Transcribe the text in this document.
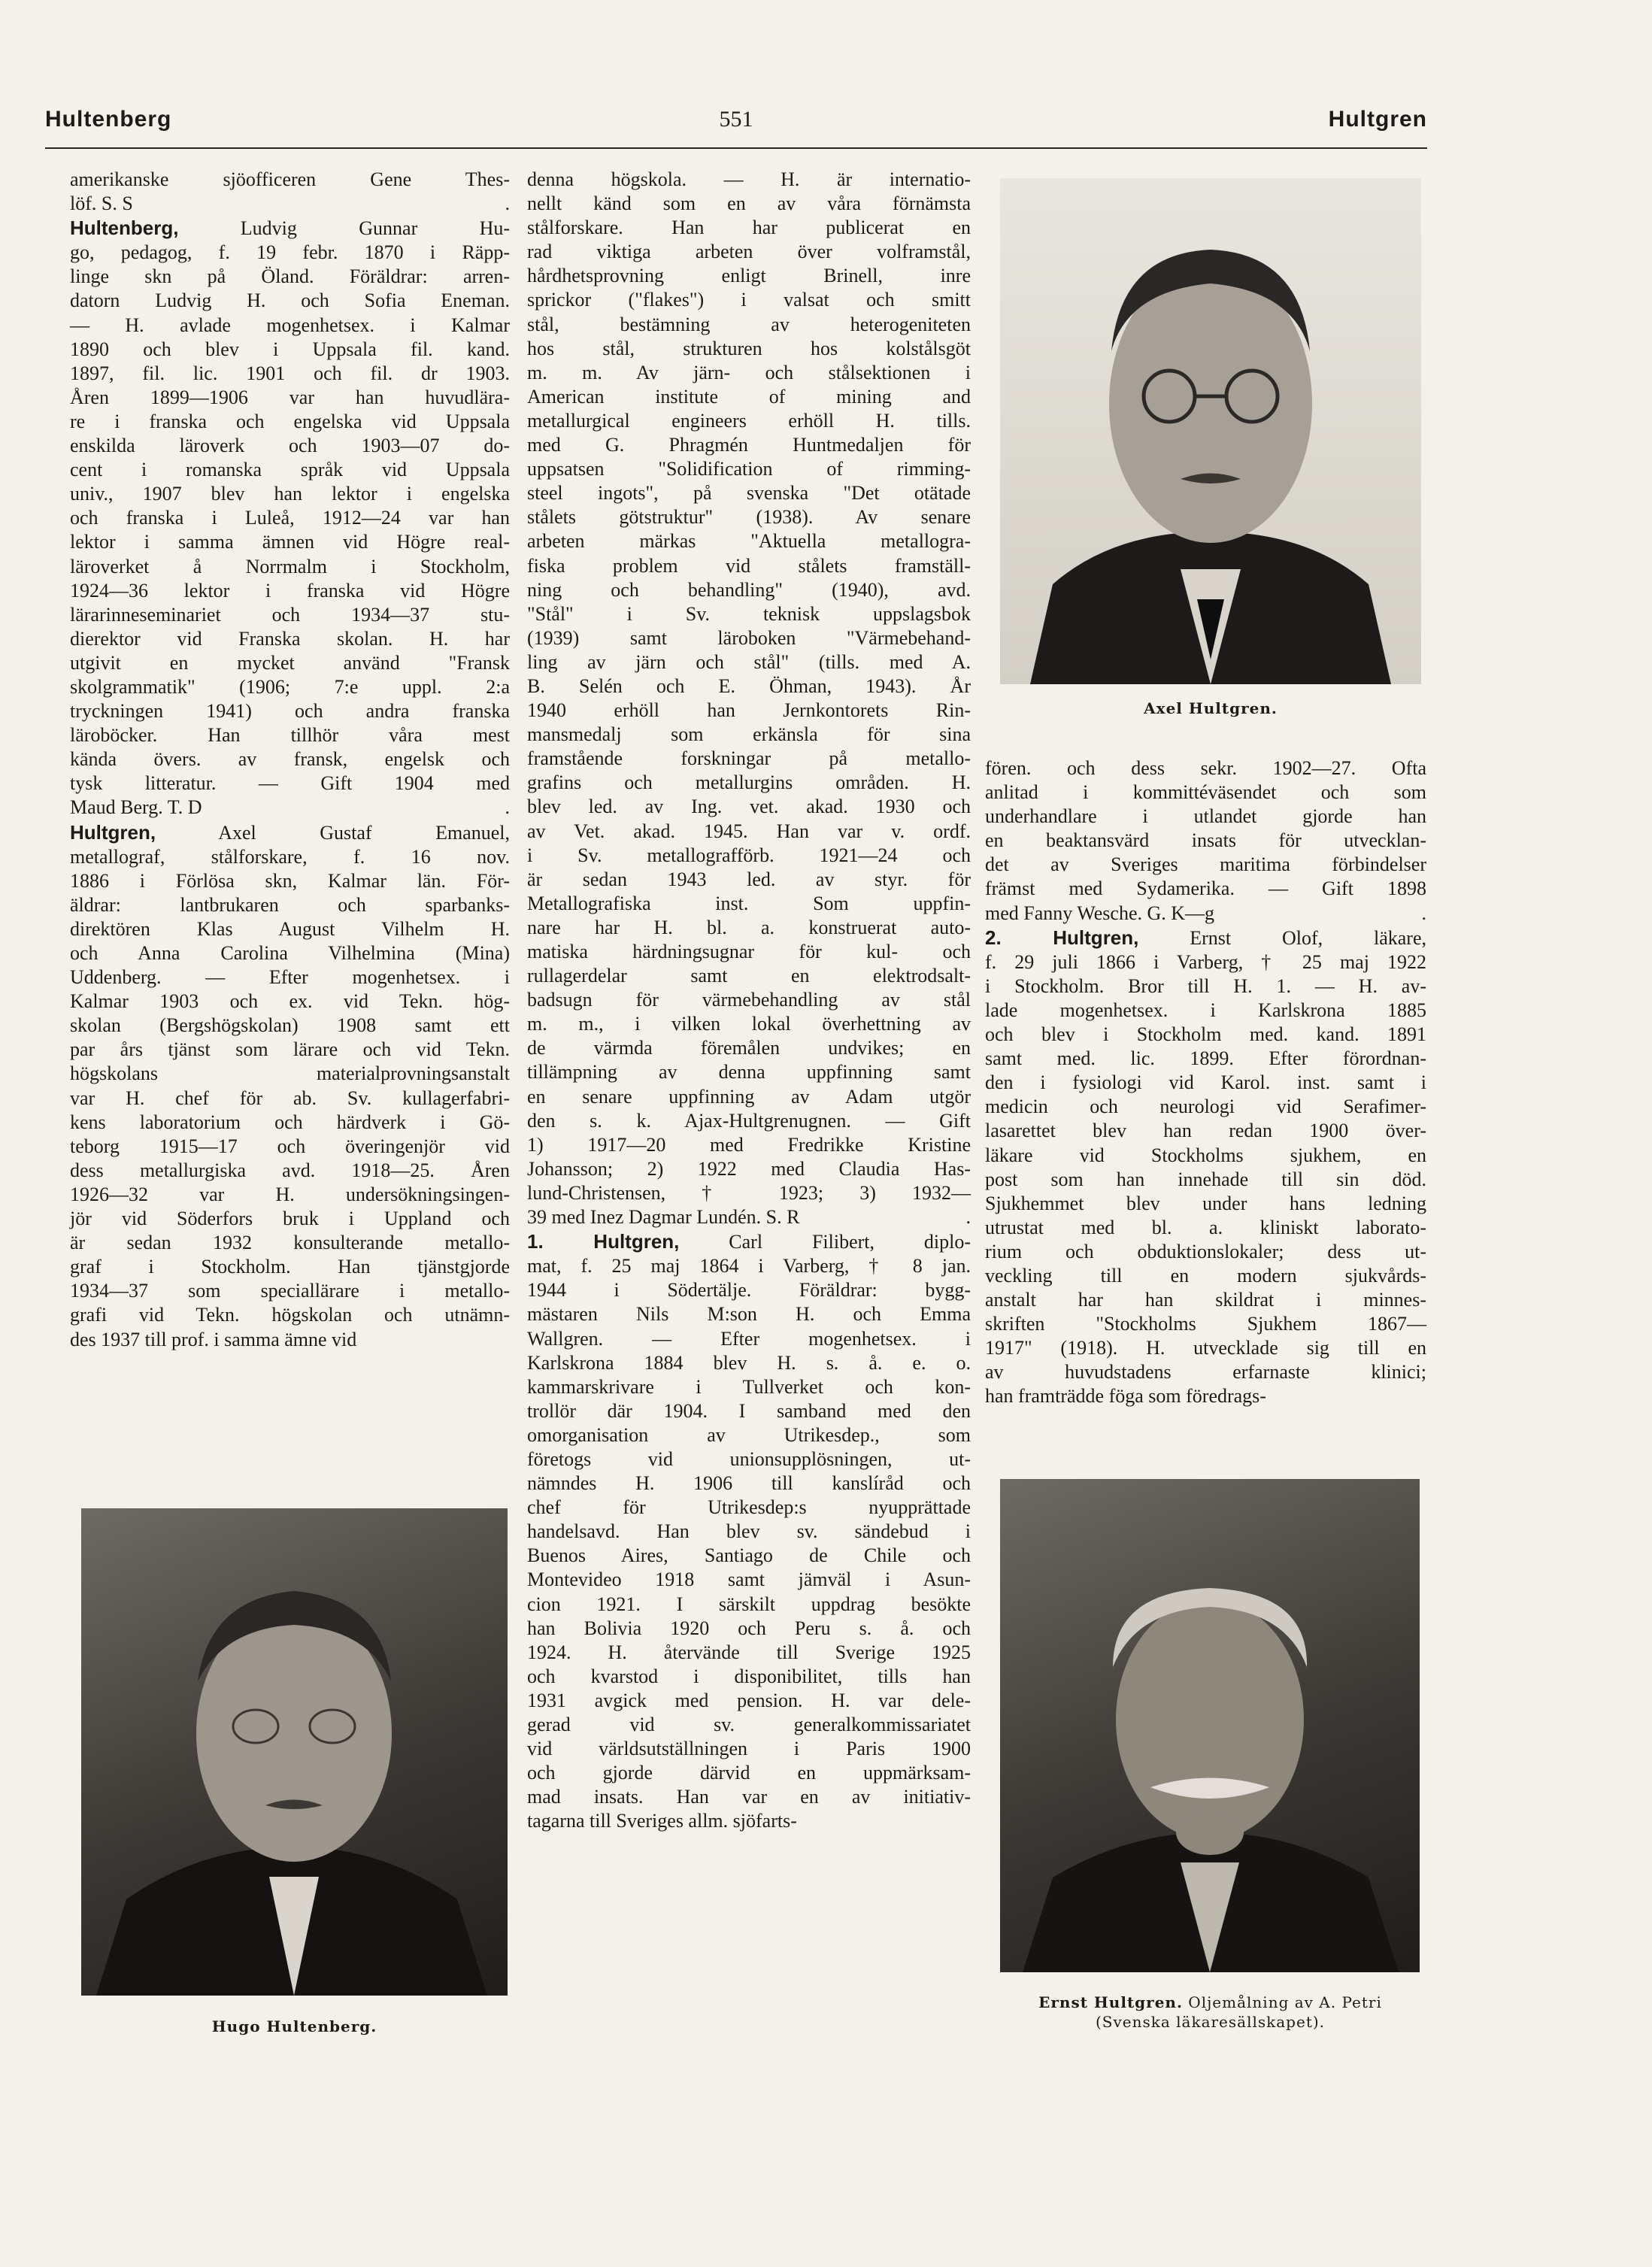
Hultenberg	551	Hultgren

amerikanske sjöofficeren Gene Thes-

löf. S. S	.

Hultenberg, Ludvig Gunnar Hu-

go, pedagog, f. 19 febr. 1870 i Räpp-

linge skn på Öland. Föräldrar: arren-

datorn Ludvig H. och Sofia Eneman.

— H. avlade mogenhetsex. i Kalmar

1890 och blev i Uppsala fil. kand.

1897, fil. lic. 1901 och fil. dr 1903.

Åren 1899—1906 var han huvudlära-

re i franska och engelska vid Uppsala

enskilda läroverk och 1903—07 do-

cent i romanska språk vid Uppsala

univ., 1907 blev han lektor i engelska

och franska i Luleå, 1912—24 var han

lektor i samma ämnen vid Högre real-

läroverket å Norrmalm i Stockholm,

1924—36 lektor i franska vid Högre

lärarinneseminariet och 1934—37 stu-

dierektor vid Franska skolan. H. har

utgivit en mycket använd "Fransk

skolgrammatik" (1906; 7:e uppl. 2:a

tryckningen 1941) och andra franska

läroböcker. Han tillhör våra mest

kända övers. av fransk, engelsk och

tysk litteratur. — Gift 1904 med

Maud Berg. T. D	.

Hultgren, Axel Gustaf Emanuel,

metallograf, stålforskare, f. 16 nov.

1886 i Förlösa skn, Kalmar län. För-

äldrar: lantbrukaren och sparbanks-

direktören Klas August Vilhelm H.

och Anna Carolina Vilhelmina (Mina)

Uddenberg. — Efter mogenhetsex. i

Kalmar 1903 och ex. vid Tekn. hög-

skolan (Bergshögskolan) 1908 samt ett

par års tjänst som lärare och vid Tekn.

högskolans materialprovningsanstalt

var H. chef för ab. Sv. kullagerfabri-

kens laboratorium och härdverk i Gö-

teborg 1915—17 och överingenjör vid

dess metallurgiska avd. 1918—25. Åren

1926—32 var H. undersökningsingen-

jör vid Söderfors bruk i Uppland och

är sedan 1932 konsulterande metallo-

graf i Stockholm. Han tjänstgjorde

1934—37 som speciallärare i metallo-

grafi vid Tekn. högskolan och utnämn-

des 1937 till prof. i samma ämne vid

denna högskola. — H. är internatio-

nellt känd som en av våra förnämsta

stålforskare. Han har publicerat en

rad viktiga arbeten över volframstål,

hårdhetsprovning enligt Brinell, inre

sprickor ("flakes") i valsat och smitt

stål, bestämning av heterogeniteten

hos stål, strukturen hos kolstålsgöt

m. m. Av järn- och stålsektionen i

American institute of mining and

metallurgical engineers erhöll H. tills.

med G. Phragmén Huntmedaljen för

uppsatsen "Solidification of rimming-

steel ingots", på svenska "Det otätade

stålets götstruktur" (1938). Av senare

arbeten märkas "Aktuella metallogra-

fiska problem vid stålets framställ-

ning och behandling" (1940), avd.

"Stål" i Sv. teknisk uppslagsbok

(1939) samt läroboken "Värmebehand-

ling av järn och stål" (tills. med A.

B. Selén och E. Öhman, 1943). År

1940 erhöll han Jernkontorets Rin-

mansmedalj som erkänsla för sina

framstående forskningar på metallo-

grafins och metallurgins områden. H.

blev led. av Ing. vet. akad. 1930 och

av Vet. akad. 1945. Han var v. ordf.

i Sv. metallografförb. 1921—24 och

är sedan 1943 led. av styr. för

Metallografiska inst. Som uppfin-

nare har H. bl. a. konstruerat auto-

matiska härdningsugnar för kul- och

rullagerdelar samt en elektrodsalt-

badsugn för värmebehandling av stål

m. m., i vilken lokal överhettning av

de värmda föremålen undvikes; en

tillämpning av denna uppfinning samt

en senare uppfinning av Adam utgör

den s. k. Ajax-Hultgrenugnen. — Gift

1) 1917—20 med Fredrikke Kristine

Johansson; 2) 1922 med Claudia Has-

lund-Christensen, † 1923; 3) 1932—

39 med Inez Dagmar Lundén. S. R	.

1. Hultgren, Carl Filibert, diplo-

mat, f. 25 maj 1864 i Varberg, † 8 jan.

1944 i Södertälje. Föräldrar: bygg-

mästaren Nils M:son H. och Emma

Wallgren. — Efter mogenhetsex. i

Karlskrona 1884 blev H. s. å. e. o.

kammarskrivare i Tullverket och kon-

trollör där 1904. I samband med den

omorganisation av Utrikesdep., som

företogs vid unionsupplösningen, ut-

nämndes H. 1906 till kanslíråd och

chef för Utrikesdep:s nyupprättade

handelsavd. Han blev sv. sändebud i

Buenos Aires, Santiago de Chile och

Montevideo 1918 samt jämväl i Asun-

cion 1921. I särskilt uppdrag besökte

han Bolivia 1920 och Peru s. å. och

1924. H. återvände till Sverige 1925

och kvarstod i disponibilitet, tills han

1931 avgick med pension. H. var dele-

gerad vid sv. generalkommissariatet

vid världsutställningen i Paris 1900

och gjorde därvid en uppmärksam-

mad insats. Han var en av initiativ-

tagarna till Sveriges allm. sjöfarts-

fören. och dess sekr. 1902—27. Ofta

anlitad i kommittéväsendet och som

underhandlare i utlandet gjorde han

en beaktansvärd insats för utvecklan-

det av Sveriges maritima förbindelser

främst med Sydamerika. — Gift 1898

med Fanny Wesche. G. K—g	.

2. Hultgren, Ernst Olof, läkare,

f. 29 juli 1866 i Varberg, † 25 maj 1922

i Stockholm. Bror till H. 1. — H. av-

lade mogenhetsex. i Karlskrona 1885

och blev i Stockholm med. kand. 1891

samt med. lic. 1899. Efter förordnan-

den i fysiologi vid Karol. inst. samt i

medicin och neurologi vid Serafimer-

lasarettet blev han redan 1900 över-

läkare vid Stockholms sjukhem, en

post som han innehade till sin död.

Sjukhemmet blev under hans ledning

utrustat med bl. a. kliniskt laborato-

rium och obduktionslokaler; dess ut-

veckling till en modern sjukvårds-

anstalt har han skildrat i minnes-

skriften "Stockholms Sjukhem 1867—

1917" (1918). H. utvecklade sig till en

av huvudstadens erfarnaste klinici;

han framträdde föga som föredrags-

Axel Hultgren.
Hugo Hultenberg.
Ernst Hultgren. Oljemålning av A. Petri
(Svenska läkaresällskapet).
